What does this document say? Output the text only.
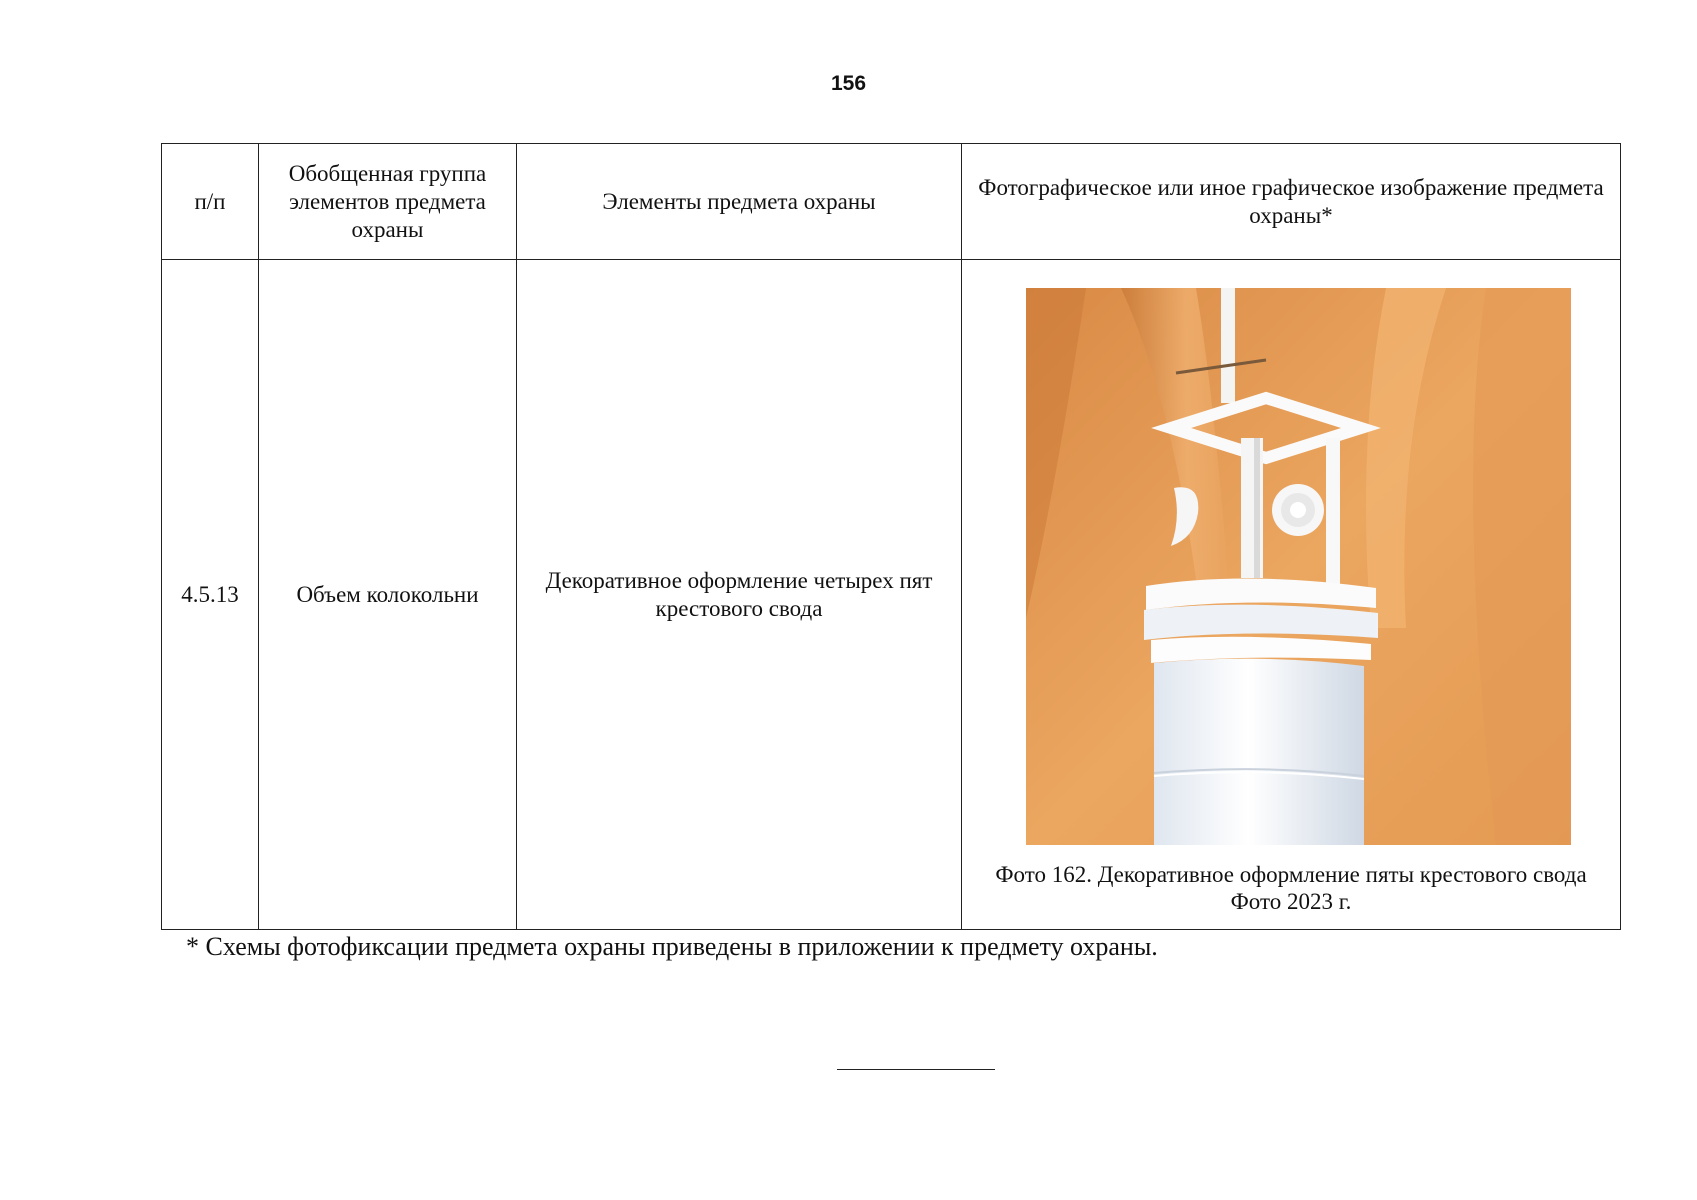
156
п/п	Обобщенная группа элементов предмета охраны	Элементы предмета охраны	Фотографическое или иное графическое изображение предмета охраны*
4.5.13	Объем колокольни	Декоративное оформление четырех пят крестового свода	Фото 162. Декоративное оформление пяты крестового свода
Фото 2023 г.
* Схемы фотофиксации предмета охраны приведены в приложении к предмету охраны.
